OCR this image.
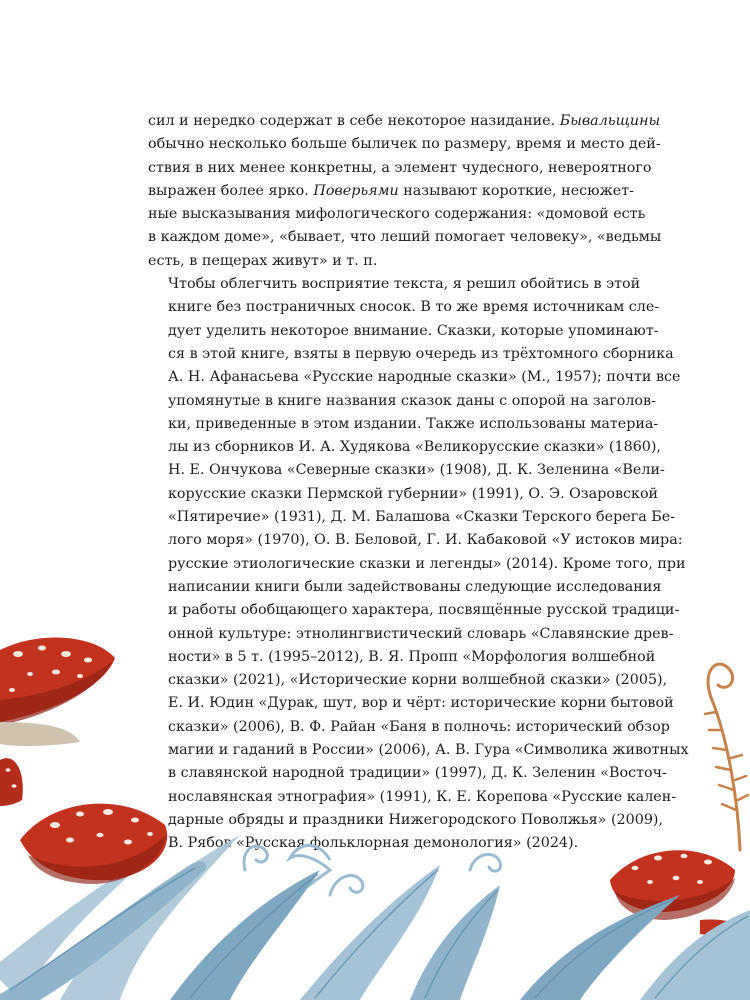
сил и нередко содержат в себе некоторое назидание. Бывальщины
обычно несколько больше быличек по размеру, время и место дей-
ствия в них менее конкретны, а элемент чудесного, невероятного
выражен более ярко. Поверьями называют короткие, несюжет-
ные высказывания мифологического содержания: «домовой есть
в каждом доме», «бывает, что леший помогает человеку», «ведьмы
есть, в пещерах живут» и т. п.

Чтобы облегчить восприятие текста, я решил обойтись в этой
книге без постраничных сносок. В то же время источникам сле-
дует уделить некоторое внимание. Сказки, которые упоминают-
ся в этой книге, взяты в первую очередь из трёхтомного сборника
А. Н. Афанасьева «Русские народные сказки» (М., 1957); почти все
упомянутые в книге названия сказок даны с опорой на заголов-
ки, приведенные в этом издании. Также использованы материа-
лы из сборников И. А. Худякова «Великорусские сказки» (1860),
Н. Е. Ончукова «Северные сказки» (1908), Д. К. Зеленина «Вели-
корусские сказки Пермской губернии» (1991), О. Э. Озаровской
«Пятиречие» (1931), Д. М. Балашова «Сказки Терского берега Бе-
лого моря» (1970), О. В. Беловой, Г. И. Кабаковой «У истоков мира:
русские этиологические сказки и легенды» (2014). Кроме того, при
написании книги были задействованы следующие исследования
и работы обобщающего характера, посвящённые русской традици-
онной культуре: этнолингвистический словарь «Славянские древ-
ности» в 5 т. (1995–2012), В. Я. Пропп «Морфология волшебной
сказки» (2021), «Исторические корни волшебной сказки» (2005),
Е. И. Юдин «Дурак, шут, вор и чёрт: исторические корни бытовой
сказки» (2006), В. Ф. Райан «Баня в полночь: исторический обзор
магии и гаданий в России» (2006), А. В. Гура «Символика животных
в славянской народной традиции» (1997), Д. К. Зеленин «Восточ-
нославянская этнография» (1991), К. Е. Корепова «Русские кален-
дарные обряды и праздники Нижегородского Поволжья» (2009),
В. Рябов «Русская фольклорная демонология» (2024).
